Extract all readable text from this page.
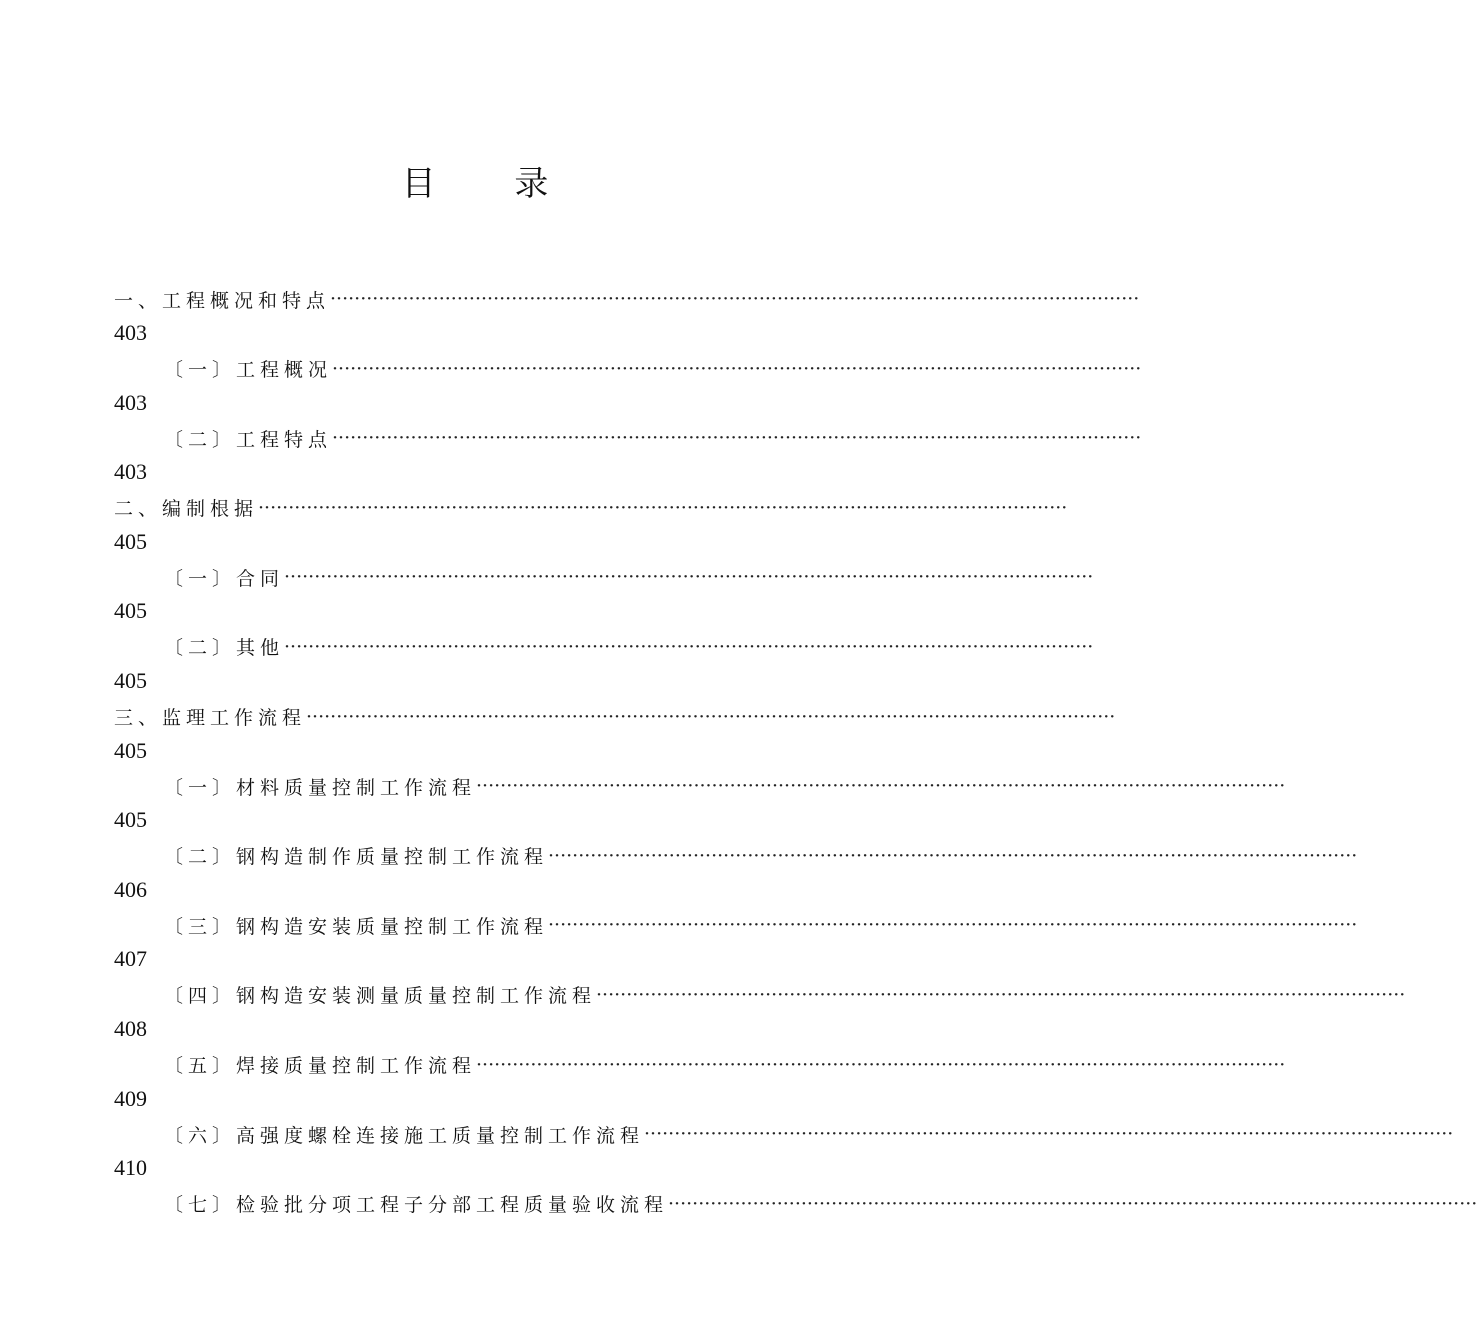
目 录
一、工程概况和特点 ······································································································································
403
〔一〕工程概况 ······································································································································
403
〔二〕工程特点 ······································································································································
403
二、编制根据 ······································································································································
405
〔一〕合同 ······································································································································
405
〔二〕其他 ······································································································································
405
三、监理工作流程 ······································································································································
405
〔一〕材料质量控制工作流程 ······································································································································
405
〔二〕钢构造制作质量控制工作流程 ······································································································································
406
〔三〕钢构造安装质量控制工作流程 ······································································································································
407
〔四〕钢构造安装测量质量控制工作流程 ······································································································································
408
〔五〕焊接质量控制工作流程 ······································································································································
409
〔六〕高强度螺栓连接施工质量控制工作流程 ······································································································································
410
〔七〕检验批分项工程子分部工程质量验收流程 ······································································································································
